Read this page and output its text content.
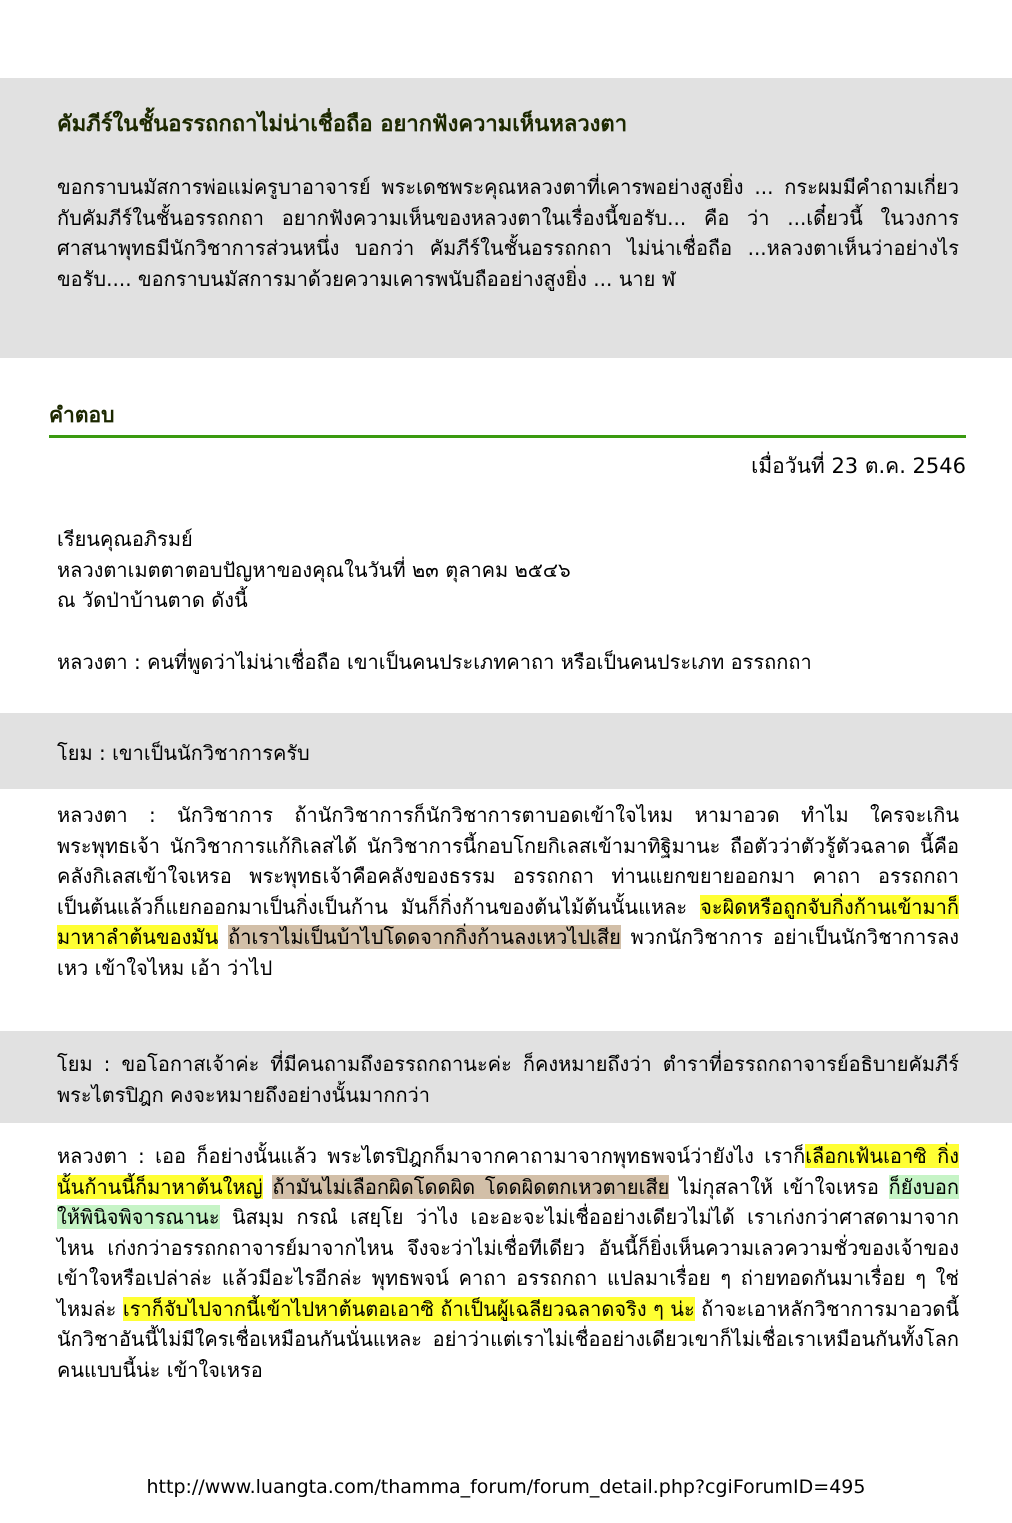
คัมภีร์ในชั้นอรรถกถาไม่น่าเชื่อถือ อยากฟังความเห็นหลวงตา
ขอกราบนมัสการพ่อแม่ครูบาอาจารย์ พระเดชพระคุณหลวงตาที่เคารพอย่างสูงยิ่ง ... กระผมมีคำถามเกี่ยวกับคัมภีร์ในชั้นอรรถกถา อยากฟังความเห็นของหลวงตาในเรื่องนี้ขอรับ... คือ ว่า ...เดี๋ยวนี้ ในวงการศาสนาพุทธมีนักวิชาการส่วนหนึ่ง บอกว่า คัมภีร์ในชั้นอรรถกถา ไม่น่าเชื่อถือ ...หลวงตาเห็นว่าอย่างไรขอรับ.... ขอกราบนมัสการมาด้วยความเคารพนับถืออย่างสูงยิ่ง ... นาย ฬ
คำตอบ
เมื่อวันที่ 23 ต.ค. 2546
เรียนคุณอภิรมย์
หลวงตาเมตตาตอบปัญหาของคุณในวันที่ ๒๓ ตุลาคม ๒๕๔๖
ณ วัดป่าบ้านตาด ดังนี้
หลวงตา : คนที่พูดว่าไม่น่าเชื่อถือ เขาเป็นคนประเภทคาถา หรือเป็นคนประเภท อรรถกถา
โยม : เขาเป็นนักวิชาการครับ
หลวงตา : นักวิชาการ ถ้านักวิชาการก็นักวิชาการตาบอดเข้าใจไหม หามาอวด ทำไม ใครจะเกินพระพุทธเจ้า นักวิชาการแก้กิเลสได้ นักวิชาการนี้กอบโกยกิเลสเข้ามาทิฐิมานะ ถือตัวว่าตัวรู้ตัวฉลาด นี้คือคลังกิเลสเข้าใจเหรอ พระพุทธเจ้าคือคลังของธรรม อรรถกถา ท่านแยกขยายออกมา คาถา อรรถกถา เป็นต้นแล้วก็แยกออกมาเป็นกิ่งเป็นก้าน มันก็กิ่งก้านของต้นไม้ต้นนั้นแหละ จะผิดหรือถูกจับกิ่งก้านเข้ามาก็มาหาลำต้นของมัน ถ้าเราไม่เป็นบ้าไปโดดจากกิ่งก้านลงเหวไปเสีย พวกนักวิชาการ อย่าเป็นนักวิชาการลงเหว เข้าใจไหม เอ้า ว่าไป
โยม : ขอโอกาสเจ้าค่ะ ที่มีคนถามถึงอรรถกถานะค่ะ ก็คงหมายถึงว่า ตำราที่อรรถกถาจารย์อธิบายคัมภีร์พระไตรปิฎก คงจะหมายถึงอย่างนั้นมากกว่า
หลวงตา : เออ ก็อย่างนั้นแล้ว พระไตรปิฎกก็มาจากคาถามาจากพุทธพจน์ว่ายังไง เราก็เลือกเฟ้นเอาซิ กิ่งนั้นก้านนี้ก็มาหาต้นใหญ่ ถ้ามันไม่เลือกผิดโดดผิด โดดผิดตกเหวตายเสีย ไม่กุสลาให้ เข้าใจเหรอ ก็ยังบอกให้พินิจพิจารณานะ นิสมฺม กรณํ เสยฺโย ว่าไง เอะอะจะไม่เชื่ออย่างเดียวไม่ได้ เราเก่งกว่าศาสดามาจากไหน เก่งกว่าอรรถกถาจารย์มาจากไหน จึงจะว่าไม่เชื่อทีเดียว อันนี้ก็ยิ่งเห็นความเลวความชั่วของเจ้าของเข้าใจหรือเปล่าล่ะ แล้วมีอะไรอีกล่ะ พุทธพจน์ คาถา อรรถกถา แปลมาเรื่อย ๆ ถ่ายทอดกันมาเรื่อย ๆ ใช่ไหมล่ะ เราก็จับไปจากนี้เข้าไปหาต้นตอเอาซิ ถ้าเป็นผู้เฉลียวฉลาดจริง ๆ น่ะ ถ้าจะเอาหลักวิชาการมาอวดนี้ นักวิชาอันนี้ไม่มีใครเชื่อเหมือนกันนั่นแหละ อย่าว่าแต่เราไม่เชื่ออย่างเดียวเขาก็ไม่เชื่อเราเหมือนกันทั้งโลกคนแบบนี้น่ะ เข้าใจเหรอ
http://www.luangta.com/thamma_forum/forum_detail.php?cgiForumID=495
